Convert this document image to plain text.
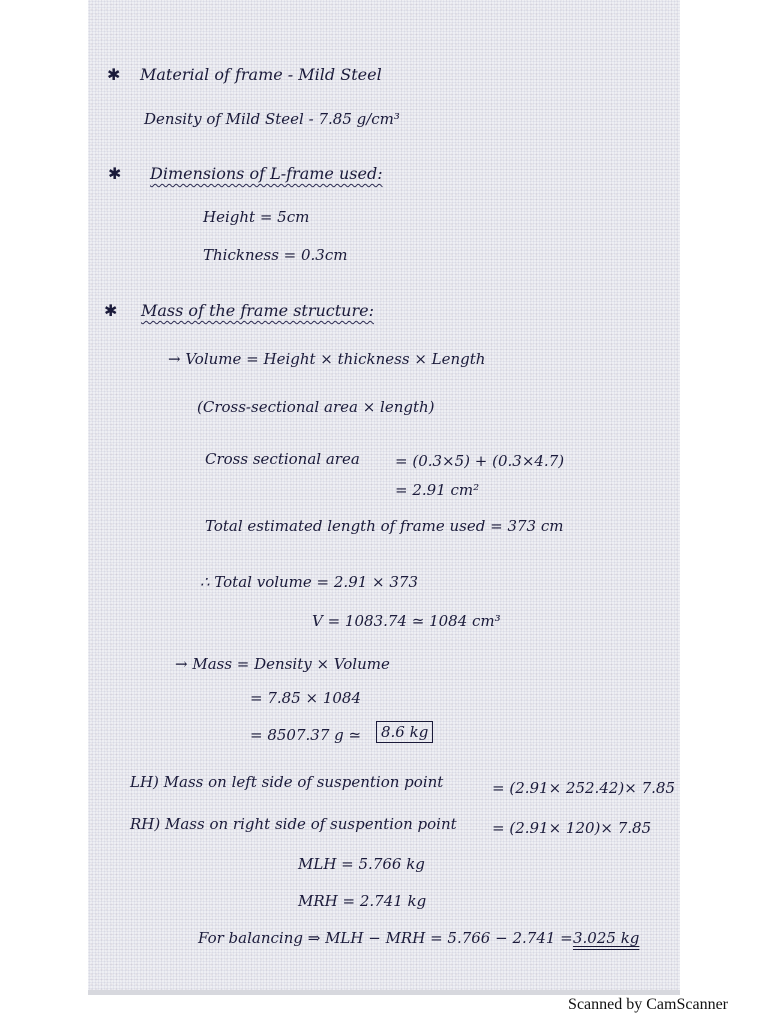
✱ Material of frame - Mild Steel
Density of Mild Steel - 7.85 g/cm³
✱ Dimensions of L-frame used:
Height = 5cm
Thickness = 0.3cm
✱ Mass of the frame structure:
→ Volume = Height × thickness × Length
(Cross-sectional area × length)
Cross sectional area = (0.3×5) + (0.3×4.7)
= 2.91 cm²
Total estimated length of frame used = 373 cm
∴ Total volume = 2.91 × 373
V = 1083.74 ≃ 1084 cm³
→ Mass = Density × Volume
= 7.85 × 1084
= 8507.37 g ≃	8.6 kg
LH) Mass on left side of suspention point	= (2.91× 252.42)× 7.85
RH) Mass on right side of suspention point = (2.91× 120)× 7.85
MLH = 5.766 kg
MRH = 2.741 kg
For balancing ⇒ MLH − MRH = 5.766 − 2.741 = 3.025 kg
Scanned by CamScanner
